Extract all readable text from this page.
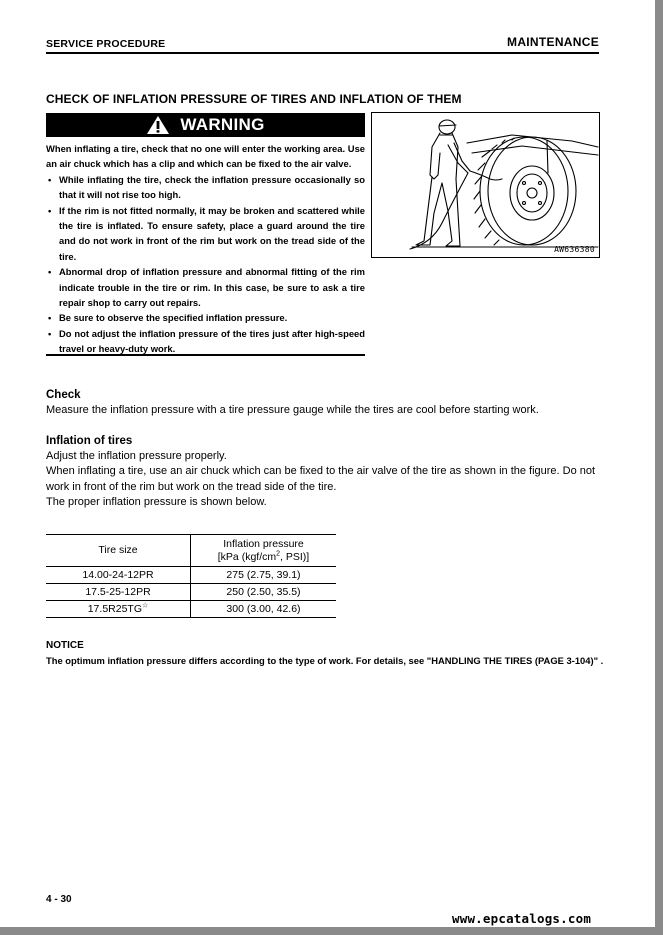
SERVICE PROCEDURE	MAINTENANCE
CHECK OF INFLATION PRESSURE OF TIRES AND INFLATION OF THEM
WARNING

When inflating a tire, check that no one will enter the working area. Use an air chuck which has a clip and which can be fixed to the air valve.

• While inflating the tire, check the inflation pressure occasionally so that it will not rise too high.
• If the rim is not fitted normally, it may be broken and scattered while the tire is inflated. To ensure safety, place a guard around the tire and do not work in front of the rim but work on the tread side of the tire.
• Abnormal drop of inflation pressure and abnormal fitting of the rim indicate trouble in the tire or rim. In this case, be sure to ask a tire repair shop to carry out repairs.
• Be sure to observe the specified inflation pressure.
• Do not adjust the inflation pressure of the tires just after high-speed travel or heavy-duty work.
AW636380
Check
Measure the inflation pressure with a tire pressure gauge while the tires are cool before starting work.
Inflation of tires

Adjust the inflation pressure properly.

When inflating a tire, use an air chuck which can be fixed to the air valve of the tire as shown in the figure. Do not work in front of the rim but work on the tread side of the tire.

The proper inflation pressure is shown below.

Tire size	Inflation pressure
[kPa ($kgf/cm^2$, PSI)]
14.00-24-12PR	275 (2.75, 39.1)
17.5-25-12PR	250 (2.50, 35.5)
17.5R25TG☆	300 (3.00, 42.6)
NOTICE
The optimum inflation pressure differs according to the type of work. For details, see "HANDLING THE TIRES (PAGE 3-104)" .
4 - 30
www.epcatalogs.com
